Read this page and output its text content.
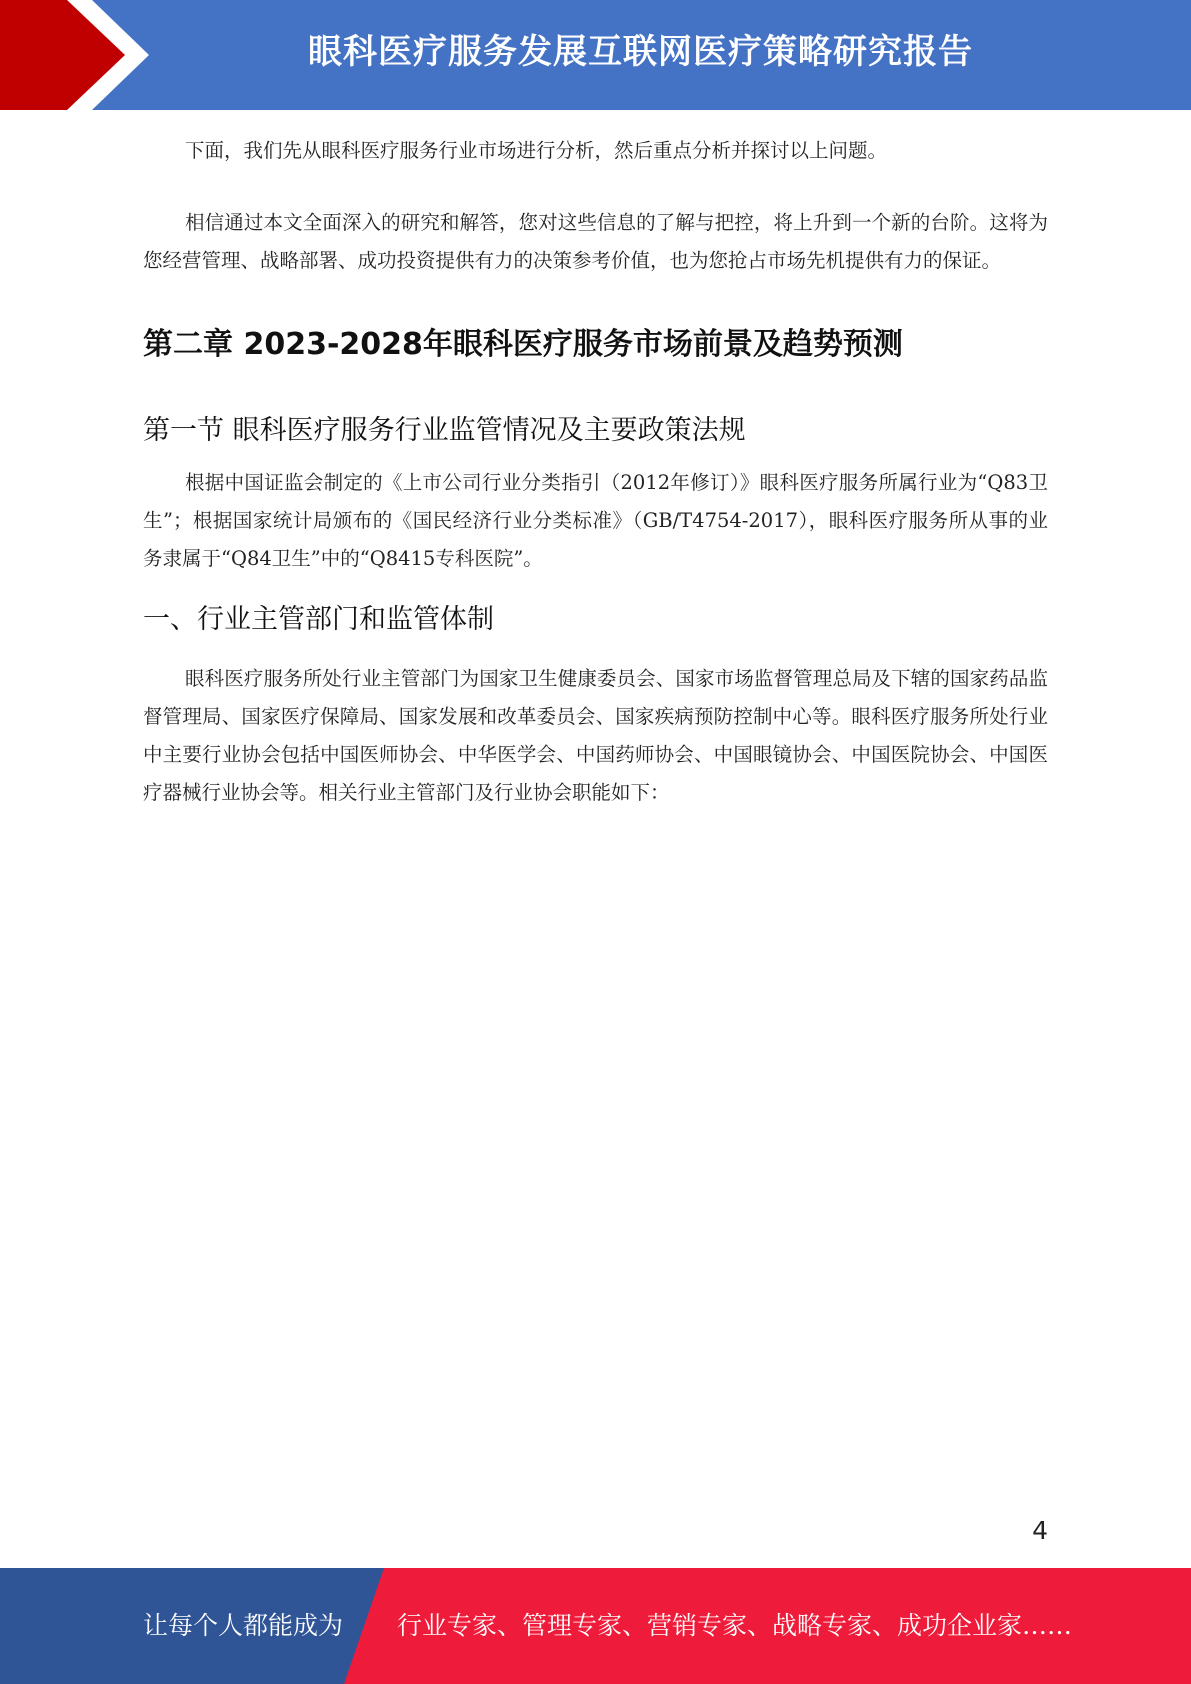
眼科医疗服务发展互联网医疗策略研究报告

下面，我们先从眼科医疗服务行业市场进行分析，然后重点分析并探讨以上问题。

相信通过本文全面深入的研究和解答，您对这些信息的了解与把控，将上升到一个新的台阶。这将为您经营管理、战略部署、成功投资提供有力的决策参考价值，也为您抢占市场先机提供有力的保证。

第二章 2023-2028年眼科医疗服务市场前景及趋势预测
第一节 眼科医疗服务行业监管情况及主要政策法规

根据中国证监会制定的《上市公司行业分类指引（2012年修订）》眼科医疗服务所属行业为“Q83卫生”；根据国家统计局颁布的《国民经济行业分类标准》（GB/T4754-2017），眼科医疗服务所从事的业务隶属于“Q84卫生”中的“Q8415专科医院”。

一、行业主管部门和监管体制

眼科医疗服务所处行业主管部门为国家卫生健康委员会、国家市场监督管理总局及下辖的国家药品监督管理局、国家医疗保障局、国家发展和改革委员会、国家疾病预防控制中心等。眼科医疗服务所处行业中主要行业协会包括中国医师协会、中华医学会、中国药师协会、中国眼镜协会、中国医院协会、中国医疗器械行业协会等。相关行业主管部门及行业协会职能如下：

4
让每个人都能成为 行业专家、管理专家、营销专家、战略专家、成功企业家……
